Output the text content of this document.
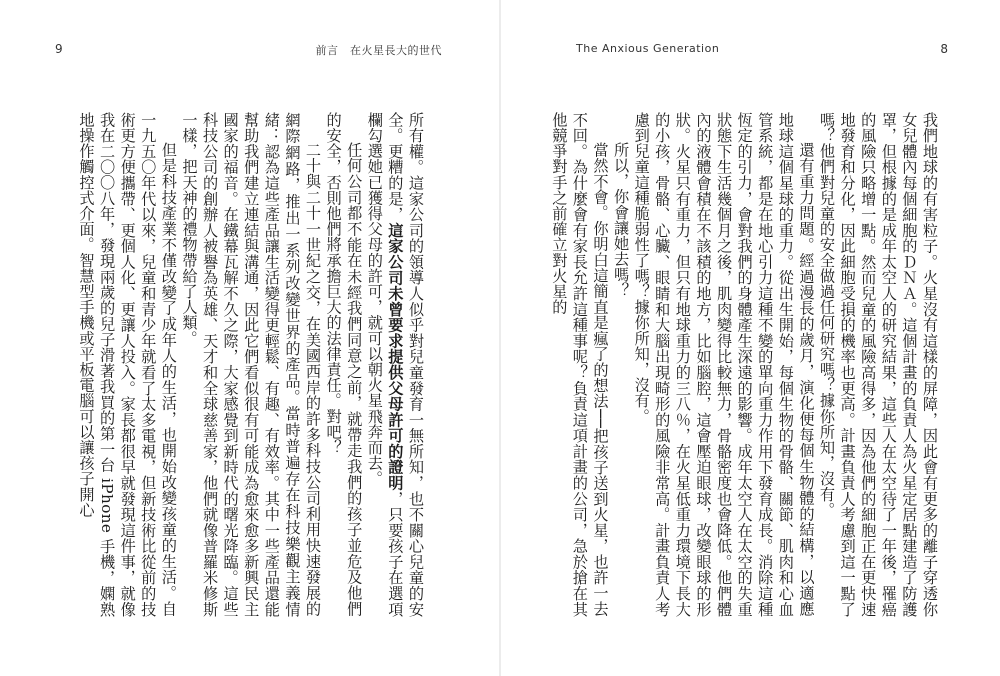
9	前言　在火星長大的世代

所有權。這家公司的領導人似乎對兒童發育一無所知，也不關心兒童的安全。更糟的是，這家公司未曾要求提供父母許可的證明，只要孩子在選項欄勾選她已獲得父母的許可，就可以朝火星飛奔而去。

任何公司都不能在未經我們同意之前，就帶走我們的孩子並危及他們的安全，否則他們將承擔巨大的法律責任。對吧？

二十與二十一世紀之交，在美國西岸的許多科技公司利用快速發展的網際網路，推出一系列改變世界的產品。當時普遍存在科技樂觀主義情緒：認為這些產品讓生活變得更輕鬆、有趣、有效率。其中一些產品還能幫助我們建立連結與溝通，因此它們看似很有可能成為愈來愈多新興民主國家的福音。在鐵幕瓦解不久之際，大家感覺到新時代的曙光降臨。這些科技公司的創辦人被譽為英雄、天才和全球慈善家，他們就像普羅米修斯一樣，把天神的禮物帶給了人類。

但是科技產業不僅改變了成年人的生活，也開始改變孩童的生活。自一九五〇年代以來，兒童和青少年就看了太多電視，但新技術比從前的技術更方便攜帶、更個人化、更讓人投入。家長都很早就發現這件事，就像我在二〇〇八年，發現兩歲的兒子滑著我買的第一台 iPhone 手機，嫻熟地操作觸控式介面。智慧型手機或平板電腦可以讓孩子開心

8
The Anxious Generation

我們地球的有害粒子。火星沒有這樣的屏障，因此會有更多的離子穿透你女兒體內每個細胞的ＤＮＡ。這個計畫的負責人為火星定居點建造了防護罩，但根據的是成年太空人的研究結果，這些人在太空待了一年後，罹癌的風險只略增一點。然而兒童的風險高得多，因為他們的細胞正在更快速地發育和分化，因此細胞受損的機率也更高。計畫負責人考慮到這一點了嗎？他們對兒童的安全做過任何研究嗎？據你所知，沒有。

還有重力問題。經過漫長的歲月，演化便每個生物體的結構，以適應地球這個星球的重力。從出生開始，每個生物的骨骼、關節、肌肉和心血管系統，都是在地心引力這種不變的單向重力作用下發育成長。消除這種恆定的引力，會對我們的身體產生深遠的影響。成年太空人在太空的失重狀態下生活幾個月之後，肌肉變得比較無力，骨骼密度也會降低。他們體內的液體會積在不該積的地方，比如腦腔，這會壓迫眼球，改變眼球的形狀。火星只有重力，但只有地球重力的三八％，在火星低重力環境下長大的小孩，骨骼、心臟、眼睛和大腦出現畸形的風險非常高。計畫負責人考慮到兒童這種脆弱性了嗎？據你所知，沒有。

所以，你會讓她去嗎？

當然不會。你明白這簡直是瘋了的想法──把孩子送到火星，也許一去不回。為什麼會有家長允許這種事呢？負責這項計畫的公司，急於搶在其他競爭對手之前確立對火星的
